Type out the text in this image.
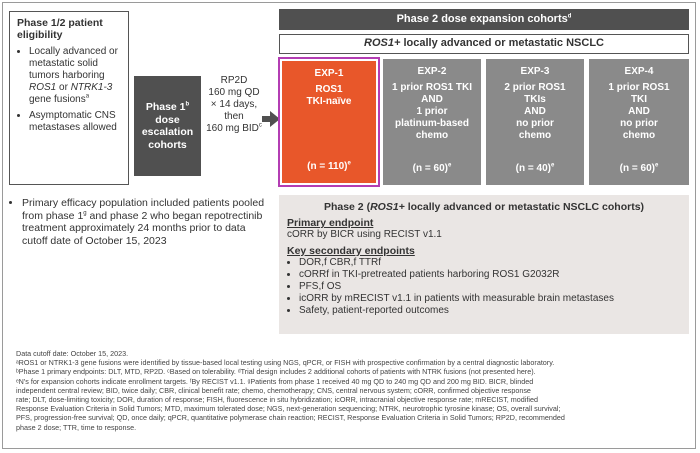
Phase 1/2 patient eligibility
• Locally advanced or metastatic solid tumors harboring ROS1 or NTRK1-3 gene fusions$^a$
• Asymptomatic CNS metastases allowed
Phase 1$^b$
dose escalation cohorts
RP2D
160 mg QD
× 14 days,
then
160 mg BID$^c$
Phase 2 dose expansion cohorts$^d$
ROS1+ locally advanced or metastatic NSCLC
EXP-1
ROS1
TKI-naïve
(n = 110)$^e$
EXP-2
1 prior ROS1 TKI
AND
1 prior
platinum-based
chemo
(n = 60)$^e$
EXP-3
2 prior ROS1
TKIs
AND
no prior
chemo
(n = 40)$^e$
EXP-4
1 prior ROS1
TKI
AND
no prior
chemo
(n = 60)$^e$
• Primary efficacy population included patients pooled from phase 1$^g$ and phase 2 who began repotrectinib treatment approximately 24 months prior to data cutoff date of October 15, 2023
Phase 2 (ROS1+ locally advanced or metastatic NSCLC cohorts)
Primary endpoint
cORR by BICR using RECIST v1.1
Key secondary endpoints
• DOR,f CBR,f TTRf
• cORRf in TKI-pretreated patients harboring ROS1 G2032R
• PFS,f OS
• icORR by mRECIST v1.1 in patients with measurable brain metastases
• Safety, patient-reported outcomes
Data cutoff date: October 15, 2023.
ᵃROS1 or NTRK1-3 gene fusions were identified by tissue-based local testing using NGS, qPCR, or FISH with prospective confirmation by a central diagnostic laboratory.
ᵇPhase 1 primary endpoints: DLT, MTD, RP2D. ᶜBased on tolerability. ᵈTrial design includes 2 additional cohorts of patients with NTRK fusions (not presented here).
ᵉN's for expansion cohorts indicate enrollment targets. ᶠBy RECIST v1.1. ᵍPatients from phase 1 received 40 mg QD to 240 mg QD and 200 mg BID. BICR, blinded
independent central review; BID, twice daily; CBR, clinical benefit rate; chemo, chemotherapy; CNS, central nervous system; cORR, confirmed objective response
rate; DLT, dose-limiting toxicity; DOR, duration of response; FISH, fluorescence in situ hybridization; icORR, intracranial objective response rate; mRECIST, modified
Response Evaluation Criteria in Solid Tumors; MTD, maximum tolerated dose; NGS, next-generation sequencing; NTRK, neurotrophic tyrosine kinase; OS, overall survival;
PFS, progression-free survival; QD, once daily; qPCR, quantitative polymerase chain reaction; RECIST, Response Evaluation Criteria in Solid Tumors; RP2D, recommended
phase 2 dose; TTR, time to response.
